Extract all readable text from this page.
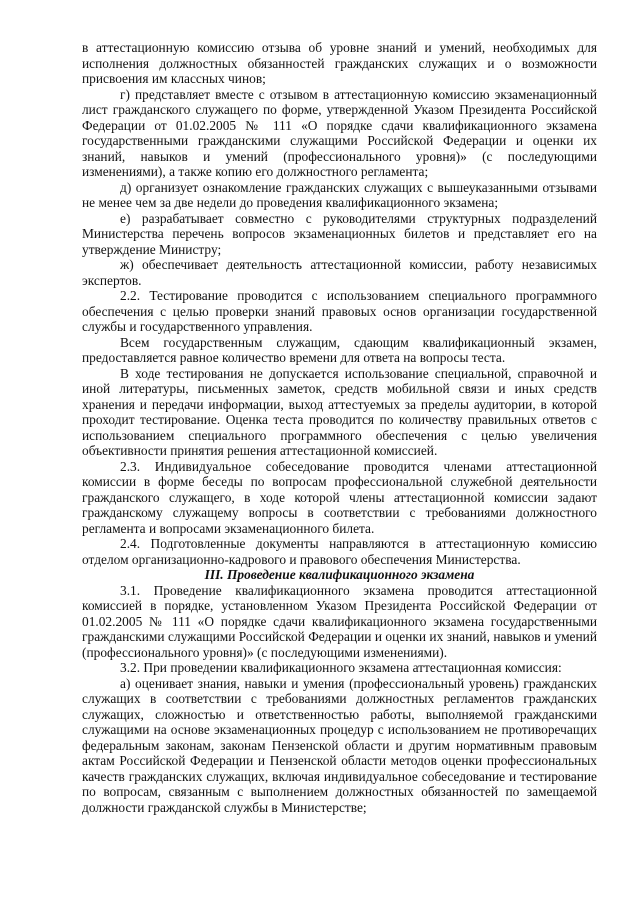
в аттестационную комиссию отзыва об уровне знаний и умений, необходимых для исполнения должностных обязанностей гражданских служащих и о возможности присвоения им классных чинов;

г) представляет вместе с отзывом в аттестационную комиссию экзаменационный лист гражданского служащего по форме, утвержденной Указом Президента Российской Федерации от 01.02.2005 № 111 «О порядке сдачи квалификационного экзамена государственными гражданскими служащими Российской Федерации и оценки их знаний, навыков и умений (профессионального уровня)» (с последующими изменениями), а также копию его должностного регламента;

д) организует ознакомление гражданских служащих с вышеуказанными отзывами не менее чем за две недели до проведения квалификационного экзамена;

е) разрабатывает совместно с руководителями структурных подразделений Министерства перечень вопросов экзаменационных билетов и представляет его на утверждение Министру;

ж) обеспечивает деятельность аттестационной комиссии, работу независимых экспертов.

2.2. Тестирование проводится с использованием специального программного обеспечения с целью проверки знаний правовых основ организации государственной службы и государственного управления.

Всем государственным служащим, сдающим квалификационный экзамен, предоставляется равное количество времени для ответа на вопросы теста.

В ходе тестирования не допускается использование специальной, справочной и иной литературы, письменных заметок, средств мобильной связи и иных средств хранения и передачи информации, выход аттестуемых за пределы аудитории, в которой проходит тестирование. Оценка теста проводится по количеству правильных ответов с использованием специального программного обеспечения с целью увеличения объективности принятия решения аттестационной комиссией.

2.3. Индивидуальное собеседование проводится членами аттестационной комиссии в форме беседы по вопросам профессиональной служебной деятельности гражданского служащего, в ходе которой члены аттестационной комиссии задают гражданскому служащему вопросы в соответствии с требованиями должностного регламента и вопросами экзаменационного билета.

2.4. Подготовленные документы направляются в аттестационную комиссию отделом организационно-кадрового и правового обеспечения Министерства.

III. Проведение квалификационного экзамена

3.1. Проведение квалификационного экзамена проводится аттестационной комиссией в порядке, установленном Указом Президента Российской Федерации от 01.02.2005 № 111 «О порядке сдачи квалификационного экзамена государственными гражданскими служащими Российской Федерации и оценки их знаний, навыков и умений (профессионального уровня)» (с последующими изменениями).

3.2. При проведении квалификационного экзамена аттестационная комиссия:

а) оценивает знания, навыки и умения (профессиональный уровень) гражданских служащих в соответствии с требованиями должностных регламентов гражданских служащих, сложностью и ответственностью работы, выполняемой гражданскими служащими на основе экзаменационных процедур с использованием не противоречащих федеральным законам, законам Пензенской области и другим нормативным правовым актам Российской Федерации и Пензенской области методов оценки профессиональных качеств гражданских служащих, включая индивидуальное собеседование и тестирование по вопросам, связанным с выполнением должностных обязанностей по замещаемой должности гражданской службы в Министерстве;
